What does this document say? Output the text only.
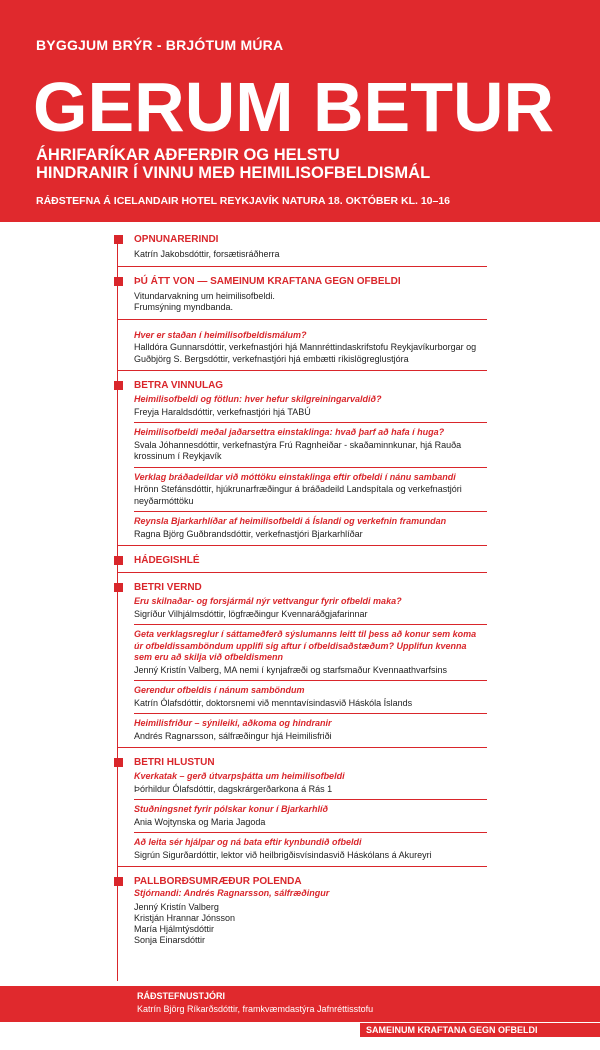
BYGGJUM BRÝR - BRJÓTUM MÚRA
GERUM BETUR
ÁHRIFARÍKAR AÐFERÐIR OG HELSTU
HINDRANIR Í VINNU MEÐ HEIMILISOFBELDISMÁL
RÁÐSTEFNA Á ICELANDAIR HOTEL REYKJAVÍK NATURA 18. OKTÓBER KL. 10–16
OPNUNARERINDI
Katrín Jakobsdóttir, forsætisráðherra
ÞÚ ÁTT VON — SAMEINUM KRAFTANA GEGN OFBELDI
Vitundarvakning um heimilisofbeldi.
Frumsýning myndbanda.
Hver er staðan í heimilisofbeldismálum?
Halldóra Gunnarsdóttir, verkefnastjóri hjá Mannréttindaskrifstofu Reykjavíkurborgar og Guðbjörg S. Bergsdóttir, verkefnastjóri hjá embætti ríkislögreglustjóra
BETRA VINNULAG
Heimilisofbeldi og fötlun: hver hefur skilgreiningarvaldið?
Freyja Haraldsdóttir, verkefnastjóri hjá TABÚ
Heimilisofbeldi meðal jaðarsettra einstaklinga: hvað þarf að hafa í huga?
Svala Jóhannesdóttir, verkefnastýra Frú Ragnheiðar - skaðaminnkunar, hjá Rauða krossinum í Reykjavík
Verklag bráðadeildar við móttöku einstaklinga eftir ofbeldi í nánu sambandi
Hrönn Stefánsdóttir, hjúkrunarfræðingur á bráðadeild Landspítala og verkefnastjóri neyðarmóttöku
Reynsla Bjarkarhlíðar af heimilisofbeldi á Íslandi og verkefnin framundan
Ragna Björg Guðbrandsdóttir, verkefnastjóri Bjarkarhlíðar
HÁDEGISHLÉ
BETRI VERND
Eru skilnaðar- og forsjármál nýr vettvangur fyrir ofbeldi maka?
Sigríður Vilhjálmsdóttir, lögfræðingur Kvennaráðgjafarinnar
Geta verklagsreglur í sáttameðferð sýslumanns leitt til þess að konur sem koma úr ofbeldissamböndum upplifi sig aftur í ofbeldisaðstæðum? Upplifun kvenna sem eru að skilja við ofbeldismenn
Jenný Kristín Valberg, MA nemi í kynjafræði og starfsmaður Kvennaathvarfsins
Gerendur ofbeldis í nánum samböndum
Katrín Ólafsdóttir, doktorsnemi við menntavísindasvið Háskóla Íslands
Heimilisfriður – sýnileiki, aðkoma og hindranir
Andrés Ragnarsson, sálfræðingur hjá Heimilisfriði
BETRI HLUSTUN
Kverkatak – gerð útvarpsþátta um heimilisofbeldi
Þórhildur Ólafsdóttir, dagskrárgerðarkona á Rás 1
Stuðningsnet fyrir pólskar konur í Bjarkarhlíð
Ania Wojtynska og Maria Jagoda
Að leita sér hjálpar og ná bata eftir kynbundið ofbeldi
Sigrún Sigurðardóttir, lektor við heilbrigðisvísindasvið Háskólans á Akureyri
PALLBORÐSUMRÆÐUR POLENDA
Stjórnandi: Andrés Ragnarsson, sálfræðingur
Jenný Kristín Valberg
Kristján Hrannar Jónsson
María Hjálmtýsdóttir
Sonja Einarsdóttir
RÁÐSTEFNUSTJÓRI
Katrín Björg Ríkarðsdóttir, framkvæmdastýra Jafnréttisstofu
SAMEINUM KRAFTANA GEGN OFBELDI
